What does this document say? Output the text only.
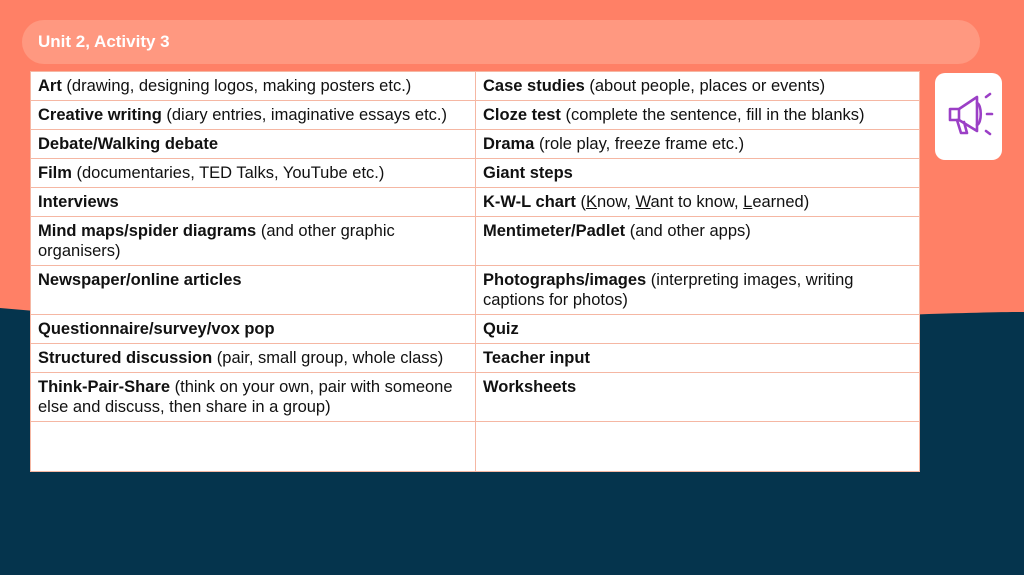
Unit 2, Activity 3
Art (drawing, designing logos, making posters etc.)	Case studies (about people, places or events)
Creative writing (diary entries, imaginative essays etc.)	Cloze test (complete the sentence, fill in the blanks)
Debate/Walking debate	Drama (role play, freeze frame etc.)
Film (documentaries, TED Talks, YouTube etc.)	Giant steps
Interviews	K-W-L chart (Know, Want to know, Learned)
Mind maps/spider diagrams (and other graphic organisers)	Mentimeter/Padlet (and other apps)
Newspaper/online articles	Photographs/images (interpreting images, writing captions for photos)
Questionnaire/survey/vox pop	Quiz
Structured discussion (pair, small group, whole class)	Teacher input
Think-Pair-Share (think on your own, pair with someone else and discuss, then share in a group)	Worksheets
